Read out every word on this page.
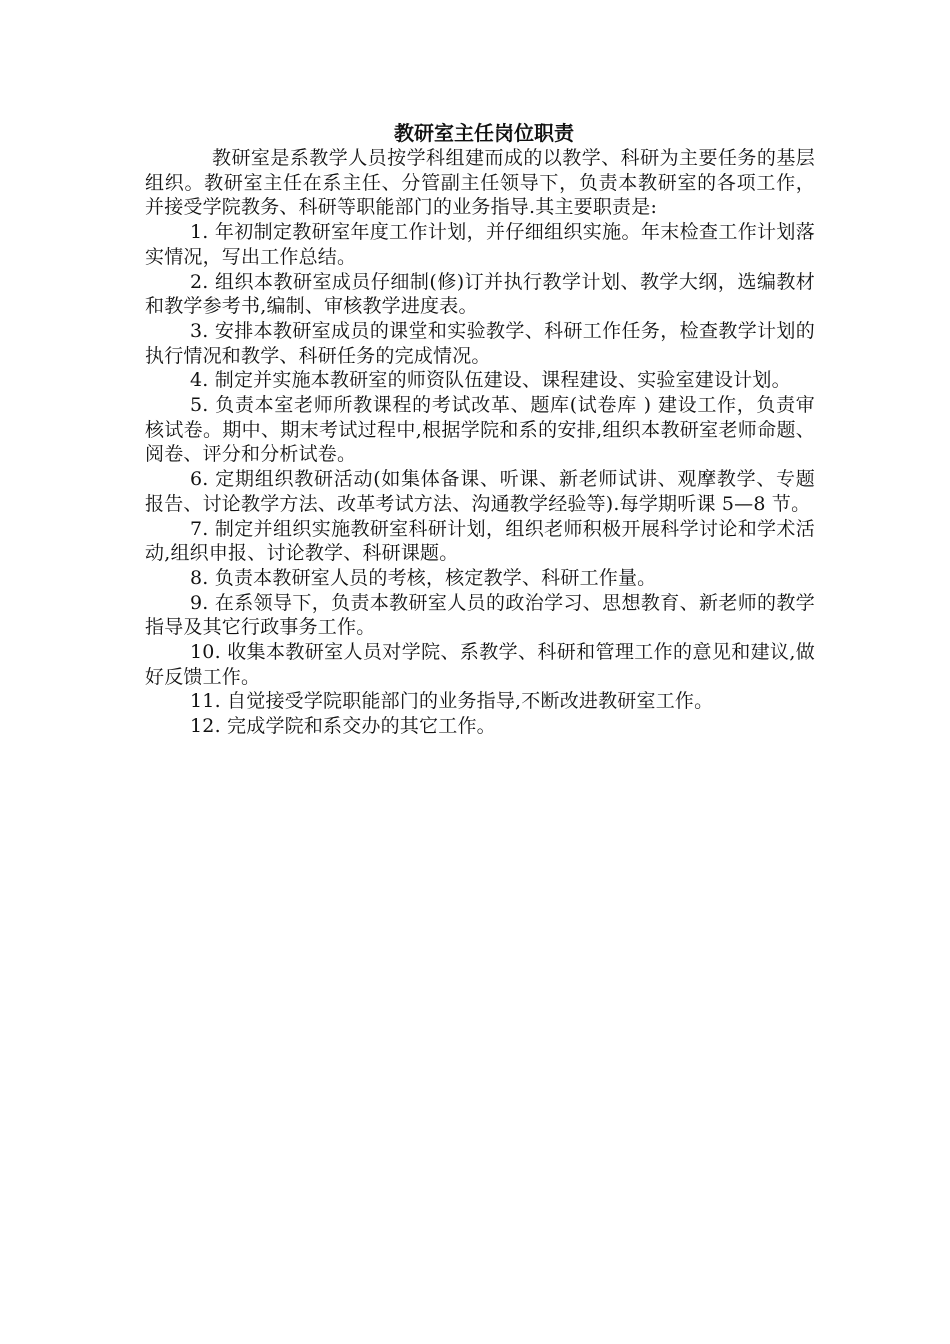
教研室主任岗位职责

教研室是系教学人员按学科组建而成的以教学、科研为主要任务的基层组织。教研室主任在系主任、分管副主任领导下，负责本教研室的各项工作，并接受学院教务、科研等职能部门的业务指导.其主要职责是:

1. 年初制定教研室年度工作计划，并仔细组织实施。年末检查工作计划落实情况，写出工作总结。

2. 组织本教研室成员仔细制(修)订并执行教学计划、教学大纲，选编教材和教学参考书,编制、审核教学进度表。

3. 安排本教研室成员的课堂和实验教学、科研工作任务，检查教学计划的执行情况和教学、科研任务的完成情况。

4. 制定并实施本教研室的师资队伍建设、课程建设、实验室建设计划。

5. 负责本室老师所教课程的考试改革、题库(试卷库 ) 建设工作，负责审核试卷。期中、期末考试过程中,根据学院和系的安排,组织本教研室老师命题、阅卷、评分和分析试卷。

6. 定期组织教研活动(如集体备课、听课、新老师试讲、观摩教学、专题报告、讨论教学方法、改革考试方法、沟通教学经验等).每学期听课 5—8 节。

7. 制定并组织实施教研室科研计划，组织老师积极开展科学讨论和学术活动,组织申报、讨论教学、科研课题。

8. 负责本教研室人员的考核，核定教学、科研工作量。

9. 在系领导下，负责本教研室人员的政治学习、思想教育、新老师的教学指导及其它行政事务工作。

10. 收集本教研室人员对学院、系教学、科研和管理工作的意见和建议,做好反馈工作。

11. 自觉接受学院职能部门的业务指导,不断改进教研室工作。

12. 完成学院和系交办的其它工作。
